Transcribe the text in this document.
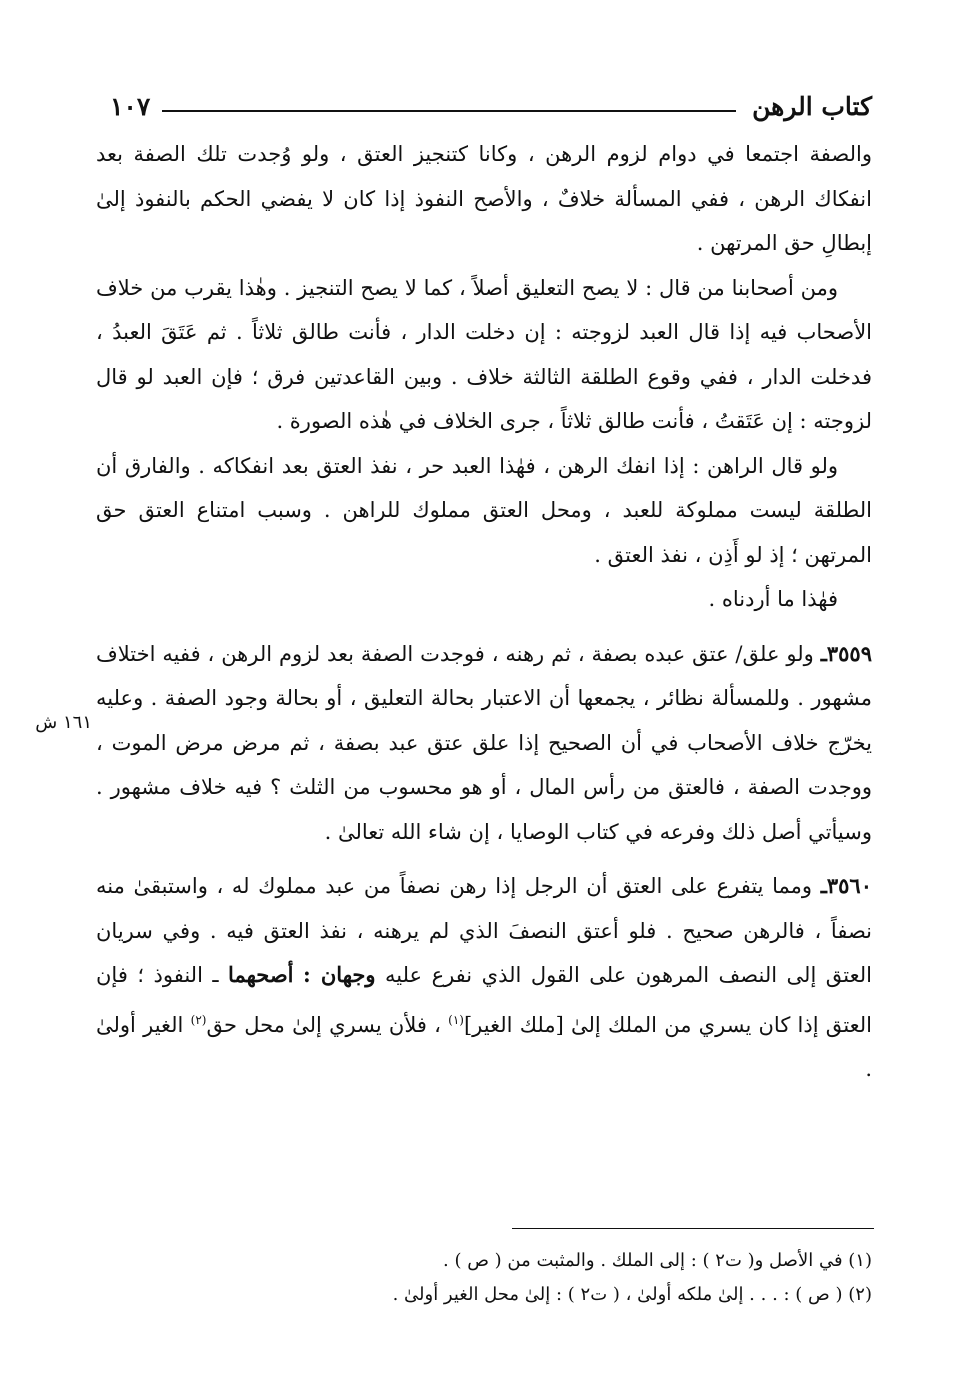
١٠٧	كتاب الرهن
١٦١ ش

والصفة اجتمعا في دوام لزوم الرهن ، وكانا كتنجيز العتق ، ولو وُجدت تلك الصفة بعد انفكاك الرهن ، ففي المسألة خلافٌ ، والأصح النفوذ إذا كان لا يفضي الحكم بالنفوذ إلىٰ إبطالِ حق المرتهن .

ومن أصحابنا من قال : لا يصح التعليق أصلاً ، كما لا يصح التنجيز . وهٰذا يقرب من خلاف الأصحاب فيه إذا قال العبد لزوجته : إن دخلت الدار ، فأنت طالق ثلاثاً . ثم عَتَقَ العبدُ ، فدخلت الدار ، ففي وقوع الطلقة الثالثة خلاف . وبين القاعدتين فرق ؛ فإن العبد لو قال لزوجته : إن عَتَقتُ ، فأنت طالق ثلاثاً ، جرى الخلاف في هٰذه الصورة .

ولو قال الراهن : إذا انفك الرهن ، فهٰذا العبد حر ، نفذ العتق بعد انفكاكه . والفارق أن الطلقة ليست مملوكة للعبد ، ومحل العتق مملوك للراهن . وسبب امتناع العتق حق المرتهن ؛ إذ لو أَذِن ، نفذ العتق .

فهٰذا ما أردناه .

٣٥٥٩ـ ولو علق/ عتق عبده بصفة ، ثم رهنه ، فوجدت الصفة بعد لزوم الرهن ، ففيه اختلاف مشهور . وللمسألة نظائر ، يجمعها أن الاعتبار بحالة التعليق ، أو بحالة وجود الصفة . وعليه يخرّج خلاف الأصحاب في أن الصحيح إذا علق عتق عبد بصفة ، ثم مرض مرض الموت ، ووجدت الصفة ، فالعتق من رأس المال ، أو هو محسوب من الثلث ؟ فيه خلاف مشهور . وسيأتي أصل ذلك وفرعه في كتاب الوصايا ، إن شاء الله تعالىٰ .

٣٥٦٠ـ ومما يتفرع على العتق أن الرجل إذا رهن نصفاً من عبد مملوك له ، واستبقىٰ منه نصفاً ، فالرهن صحيح . فلو أعتق النصفَ الذي لم يرهنه ، نفذ العتق فيه . وفي سريان العتق إلى النصف المرهون على القول الذي نفرع عليه وجهان : أصحهما ـ النفوذ ؛ فإن العتق إذا كان يسري من الملك إلىٰ [ملك الغير]$^{(١)}$ ، فلأن يسري إلىٰ محل حق$^{(٢)}$ الغير أولىٰ .

(١) في الأصل و( ت٢ ) : إلى الملك . والمثبت من ( ص ) .

(٢) ( ص ) : . . . إلىٰ ملكه أولىٰ ، ( ت٢ ) : إلىٰ محل الغير أولىٰ .
